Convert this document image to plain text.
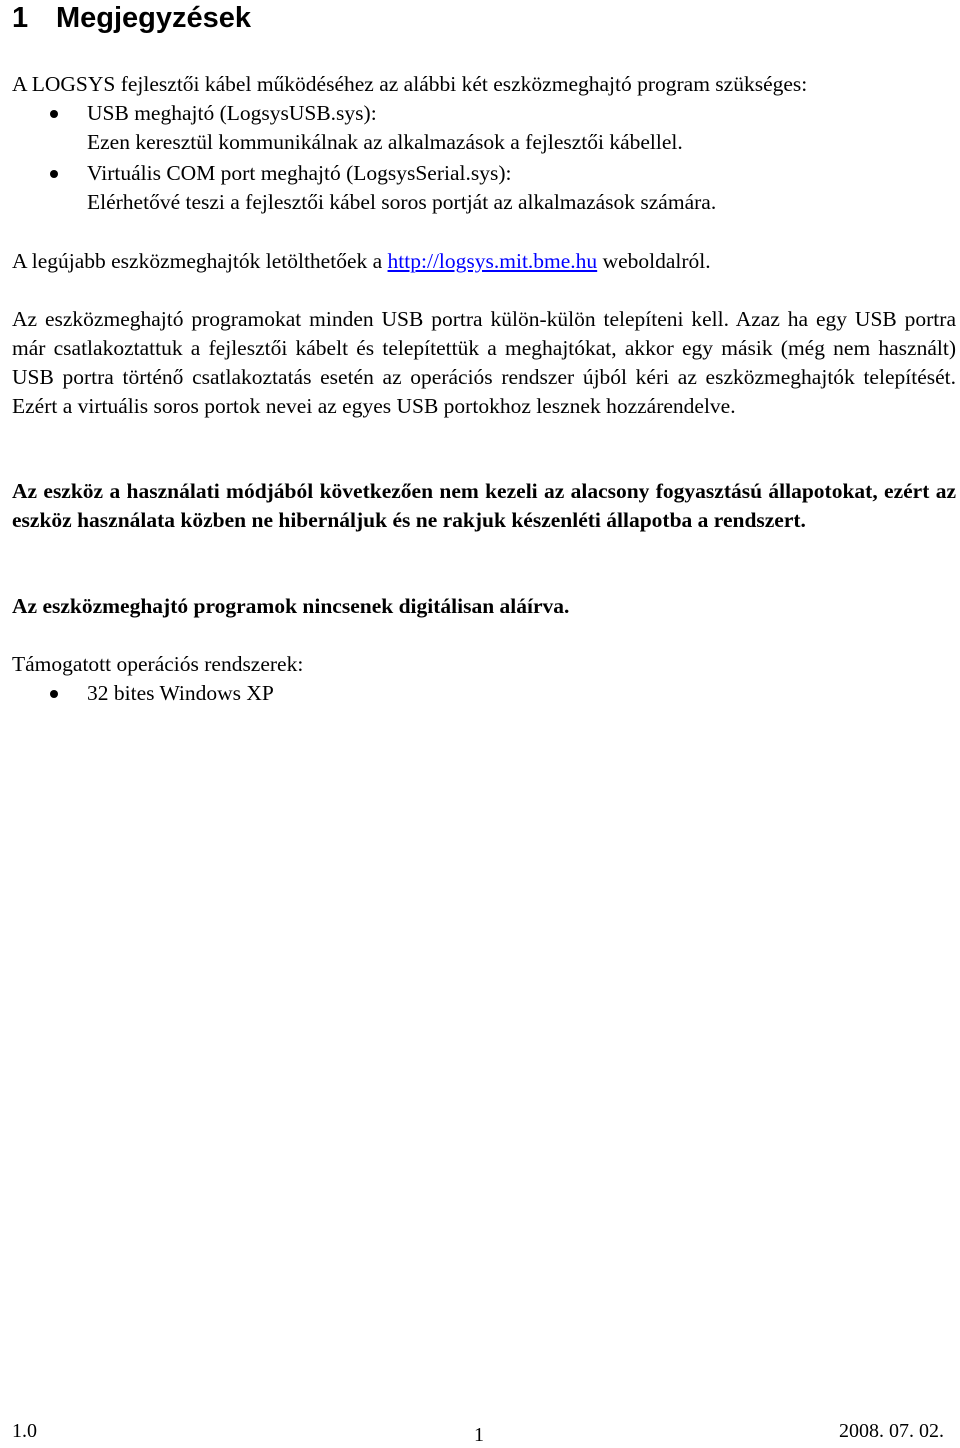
1 Megjegyzések

A LOGSYS fejlesztői kábel működéséhez az alábbi két eszközmeghajtó program szükséges:

USB meghajtó (LogsysUSB.sys):
Ezen keresztül kommunikálnak az alkalmazások a fejlesztői kábellel.
Virtuális COM port meghajtó (LogsysSerial.sys):
Elérhetővé teszi a fejlesztői kábel soros portját az alkalmazások számára.

A legújabb eszközmeghajtók letölthetőek a http://logsys.mit.bme.hu weboldalról.

Az eszközmeghajtó programokat minden USB portra külön-külön telepíteni kell. Azaz ha egy USB portra már csatlakoztattuk a fejlesztői kábelt és telepítettük a meghajtókat, akkor egy másik (még nem használt) USB portra történő csatlakoztatás esetén az operációs rendszer újból kéri az eszközmeghajtók telepítését. Ezért a virtuális soros portok nevei az egyes USB portokhoz lesznek hozzárendelve.

Az eszköz a használati módjából következően nem kezeli az alacsony fogyasztású állapotokat, ezért az eszköz használata közben ne hibernáljuk és ne rakjuk készenléti állapotba a rendszert.

Az eszközmeghajtó programok nincsenek digitálisan aláírva.

Támogatott operációs rendszerek:

32 bites Windows XP
1.0	1	2008. 07. 02.
